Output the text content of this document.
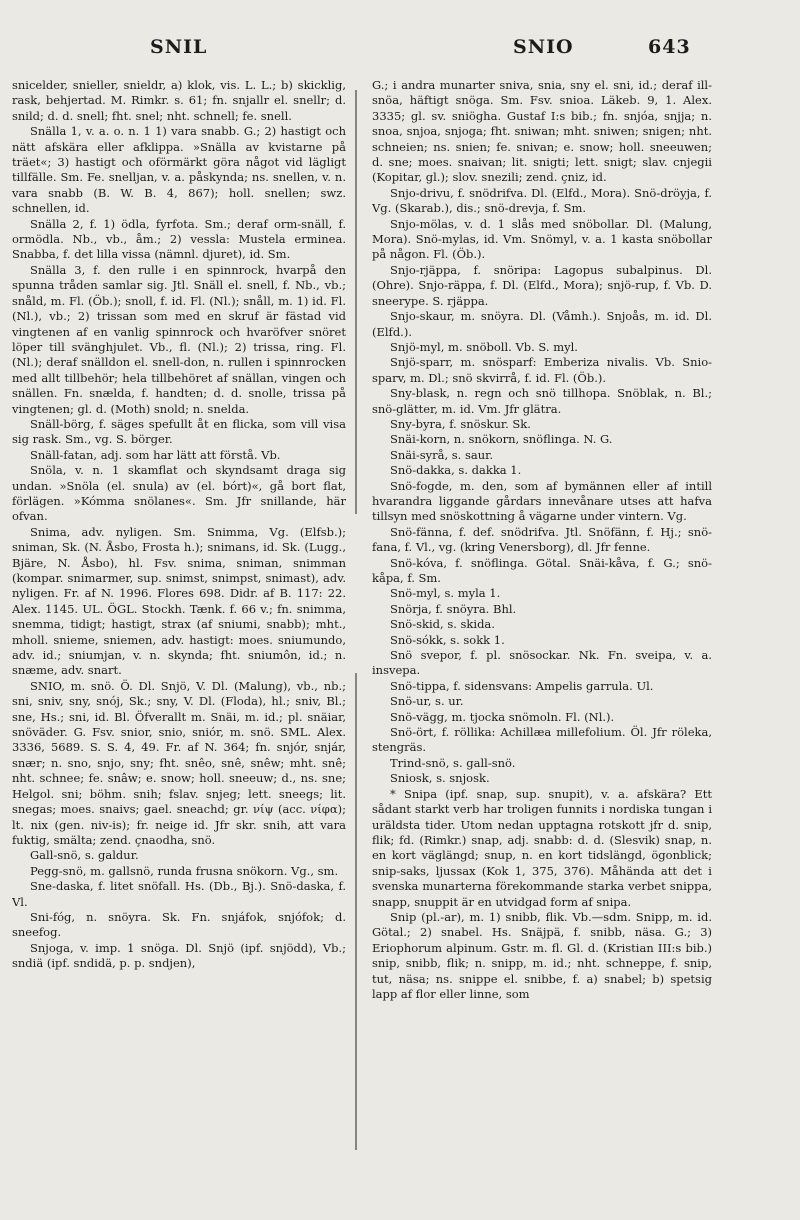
SNIL	SNIO	643

snicelder, snieller, snieldr, a) klok, vis. L. L.; b) skicklig, rask, behjertad. M. Rimkr. s. 61; fn. snjallr el. snellr; d. snild; d. d. snell; fht. snel; nht. schnell; fe. snell.

Snälla 1, v. a. o. n. 1 1) vara snabb. G.; 2) hastigt och nätt afskära eller afklippa. »Snälla av kvistarne på träet«; 3) hastigt och oförmärkt göra något vid lägligt tillfälle. Sm. Fe. snelljan, v. a. påskynda; ns. snellen, v. n. vara snabb (B. W. B. 4, 867); holl. snellen; swz. schnellen, id.

Snälla 2, f. 1) ödla, fyrfota. Sm.; deraf orm-snäll, f. ormödla. Nb., vb., åm.; 2) vessla: Mustela erminea. Snabba, f. det lilla vissa (nämnl. djuret), id. Sm.

Snälla 3, f. den rulle i en spinnrock, hvarpå den spunna tråden samlar sig. Jtl. Snäll el. snell, f. Nb., vb.; snåld, m. Fl. (Öb.); snoll, f. id. Fl. (Nl.); snåll, m. 1) id. Fl. (Nl.), vb.; 2) trissan som med en skruf är fästad vid vingtenen af en vanlig spinnrock och hvaröfver snöret löper till svänghjulet. Vb., fl. (Nl.); 2) trissa, ring. Fl. (Nl.); deraf snälldon el. snell-don, n. rullen i spinnrocken med allt tillbehör; hela tillbehöret af snällan, vingen och snällen. Fn. snælda, f. handten; d. d. snolle, trissa på vingtenen; gl. d. (Moth) snold; n. snelda.

Snäll-börg, f. säges spefullt åt en flicka, som vill visa sig rask. Sm., vg. S. börger.

Snäll-fatan, adj. som har lätt att förstå. Vb.

Snöla, v. n. 1 skamflat och skyndsamt draga sig undan. »Snöla (el. snula) av (el. bórt)«, gå bort flat, förlägen. »Kómma snölanes«. Sm. Jfr snillande, här ofvan.

Snima, adv. nyligen. Sm. Snimma, Vg. (Elfsb.); sniman, Sk. (N. Åsbo, Frosta h.); snimans, id. Sk. (Lugg., Bjäre, N. Åsbo), hl. Fsv. snima, sniman, snimman (kompar. snimarmer, sup. snimst, snimpst, snimast), adv. nyligen. Fr. af N. 1996. Flores 698. Didr. af B. 117: 22. Alex. 1145. UL. ÖGL. Stockh. Tænk. f. 66 v.; fn. snimma, snemma, tidigt; hastigt, strax (af sniumi, snabb); mht., mholl. snieme, sniemen, adv. hastigt: moes. sniumundo, adv. id.; sniumjan, v. n. skynda; fht. sniumôn, id.; n. snæme, adv. snart.

SNIO, m. snö. Ö. Dl. Snjö, V. Dl. (Malung), vb., nb.; sni, sniv, sny, snój, Sk.; sny, V. Dl. (Floda), hl.; sniv, Bl.; sne, Hs.; sni, id. Bl. Öfverallt m. Snäi, m. id.; pl. snäiar, snöväder. G. Fsv. snior, snio, sniór, m. snö. SML. Alex. 3336, 5689. S. S. 4, 49. Fr. af N. 364; fn. snjór, snjár, snær; n. sno, snjo, sny; fht. snêo, snê, snêw; mht. snê; nht. schnee; fe. snâw; e. snow; holl. sneeuw; d., ns. sne; Helgol. sni; böhm. snih; fslav. snjeg; lett. sneegs; lit. snegas; moes. snaivs; gael. sneachd; gr. νίψ (acc. νίφα); lt. nix (gen. niv-is); fr. neige id. Jfr skr. snih, att vara fuktig, smälta; zend. çnaodha, snö.

Gall-snö, s. galdur.

Pegg-snö, m. gallsnö, runda frusna snökorn. Vg., sm.

Sne-daska, f. litet snöfall. Hs. (Db., Bj.). Snö-daska, f. Vl.

Sni-fóg, n. snöyra. Sk. Fn. snjáfok, snjófok; d. sneefog.

Snjoga, v. imp. 1 snöga. Dl. Snjö (ipf. snjödd), Vb.; sndiä (ipf. sndidä, p. p. sndjen),

G.; i andra munarter sniva, snia, sny el. sni, id.; deraf ill-snöa, häftigt snöga. Sm. Fsv. snioa. Läkeb. 9, 1. Alex. 3335; gl. sv. sniögha. Gustaf I:s bib.; fn. snjóa, snjja; n. snoa, snjoa, snjoga; fht. sniwan; mht. sniwen; snigen; nht. schneien; ns. snien; fe. snivan; e. snow; holl. sneeuwen; d. sne; moes. snaivan; lit. snigti; lett. snigt; slav. cnjegii (Kopitar, gl.); slov. snezili; zend. çniz, id.

Snjo-drivu, f. snödrifva. Dl. (Elfd., Mora). Snö-dröyja, f. Vg. (Skarab.), dis.; snö-drevja, f. Sm.

Snjo-mölas, v. d. 1 slås med snöbollar. Dl. (Malung, Mora). Snö-mylas, id. Vm. Snömyl, v. a. 1 kasta snöbollar på någon. Fl. (Öb.).

Snjo-rjäppa, f. snöripa: Lagopus subalpinus. Dl. (Ohre). Snjo-räppa, f. Dl. (Elfd., Mora); snjö-rup, f. Vb. D. sneerype. S. rjäppa.

Snjo-skaur, m. snöyra. Dl. (Våmh.). Snjoås, m. id. Dl. (Elfd.).

Snjö-myl, m. snöboll. Vb. S. myl.

Snjö-sparr, m. snösparf: Emberiza nivalis. Vb. Snio-sparv, m. Dl.; snö skvirrå, f. id. Fl. (Öb.).

Sny-blask, n. regn och snö tillhopa. Snöblak, n. Bl.; snö-glätter, m. id. Vm. Jfr glätra.

Sny-byra, f. snöskur. Sk.

Snäi-korn, n. snökorn, snöflinga. N. G.

Snäi-syrå, s. saur.

Snö-dakka, s. dakka 1.

Snö-fogde, m. den, som af bymännen eller af intill hvarandra liggande gårdars innevånare utses att hafva tillsyn med snöskottning å vägarne under vintern. Vg.

Snö-fänna, f. def. snödrifva. Jtl. Snöfänn, f. Hj.; snö-fana, f. Vl., vg. (kring Venersborg), dl. Jfr fenne.

Snö-kóva, f. snöflinga. Götal. Snäi-kåva, f. G.; snö-kåpa, f. Sm.

Snö-myl, s. myla 1.

Snörja, f. snöyra. Bhl.

Snö-skid, s. skida.

Snö-sókk, s. sokk 1.

Snö svepor, f. pl. snösockar. Nk. Fn. sveipa, v. a. insvepa.

Snö-tippa, f. sidensvans: Ampelis garrula. Ul.

Snö-ur, s. ur.

Snö-vägg, m. tjocka snömoln. Fl. (Nl.).

Snö-ört, f. röllika: Achillæa millefolium. Öl. Jfr röleka, stengräs.

Trind-snö, s. gall-snö.

Sniosk, s. snjosk.

* Snipa (ipf. snap, sup. snupit), v. a. afskära? Ett sådant starkt verb har troligen funnits i nordiska tungan i uräldsta tider. Utom nedan upptagna rotskott jfr d. snip, flik; fd. (Rimkr.) snap, adj. snabb: d. d. (Slesvik) snap, n. en kort väglängd; snup, n. en kort tidslängd, ögonblick; snip-saks, ljussax (Kok 1, 375, 376). Måhända att det i svenska munarterna förekommande starka verbet snippa, snapp, snuppit är en utvidgad form af snipa.

Snip (pl.-ar), m. 1) snibb, flik. Vb.—sdm. Snipp, m. id. Götal.; 2) snabel. Hs. Snäjpä, f. snibb, näsa. G.; 3) Eriophorum alpinum. Gstr. m. fl. Gl. d. (Kristian III:s bib.) snip, snibb, flik; n. snipp, m. id.; nht. schneppe, f. snip, tut, näsa; ns. snippe el. snibbe, f. a) snabel; b) spetsig lapp af flor eller linne, som
